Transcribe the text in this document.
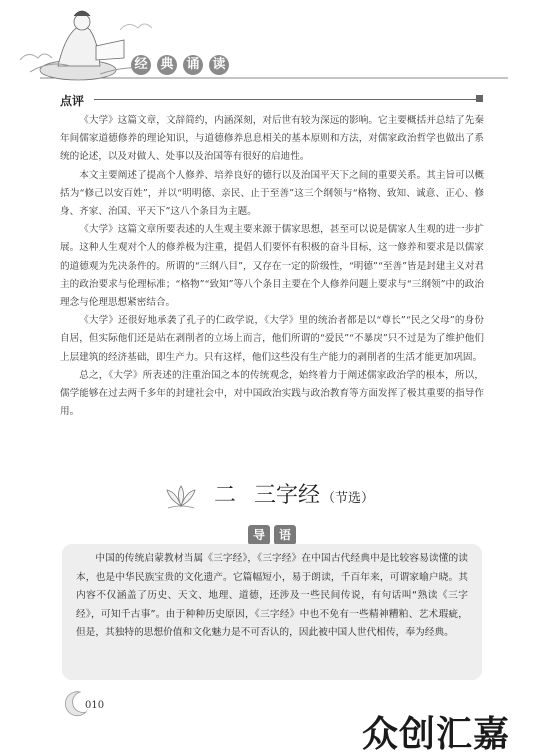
经 典 诵 读
点评

《大学》这篇文章，文辞简约，内涵深刻，对后世有较为深远的影响。它主要概括并总结了先秦年间儒家道德修养的理论知识，与道德修养息息相关的基本原则和方法，对儒家政治哲学也做出了系统的论述，以及对做人、处事以及治国等有很好的启迪性。

本文主要阐述了提高个人修养、培养良好的德行以及治国平天下之间的重要关系。其主旨可以概括为“修己以安百姓”，并以“明明德、亲民、止于至善”这三个纲领与“格物、致知、诚意、正心、修身、齐家、治国、平天下”这八个条目为主题。

《大学》这篇文章所要表述的人生观主要来源于儒家思想，甚至可以说是儒家人生观的进一步扩展。这种人生观对个人的修养极为注重，提倡人们要怀有积极的奋斗目标，这一修养和要求是以儒家的道德观为先决条件的。所谓的“三纲八目”，又存在一定的阶级性，“明德”“至善”皆是封建主义对君主的政治要求与伦理标准；“格物”“致知”等八个条目主要在个人修养问题上要求与“三纲领”中的政治理念与伦理思想紧密结合。

《大学》还很好地承袭了孔子的仁政学说，《大学》里的统治者都是以“尊长”“民之父母”的身份自居，但实际他们还是站在剥削者的立场上而言，他们所谓的“爱民”“不暴戾”只不过是为了维护他们上层建筑的经济基础，即生产力。只有这样，他们这些没有生产能力的剥削者的生活才能更加巩固。

总之，《大学》所表述的注重治国之本的传统观念，始终着力于阐述儒家政治学的根本，所以，儒学能够在过去两千多年的封建社会中，对中国政治实践与政治教育等方面发挥了极其重要的指导作用。

二 三字经 （节选）
导	语

中国的传统启蒙教材当属《三字经》，《三字经》在中国古代经典中是比较容易读懂的读本，也是中华民族宝贵的文化遗产。它篇幅短小，易于朗读，千百年来，可谓家喻户晓。其内容不仅涵盖了历史、天文、地理、道德，还涉及一些民间传说，有句话叫“熟读《三字经》，可知千古事”。由于种种历史原因，《三字经》中也不免有一些精神糟粕、艺术瑕疵，但是，其独特的思想价值和文化魅力是不可否认的，因此被中国人世代相传，奉为经典。

010
众创汇嘉
